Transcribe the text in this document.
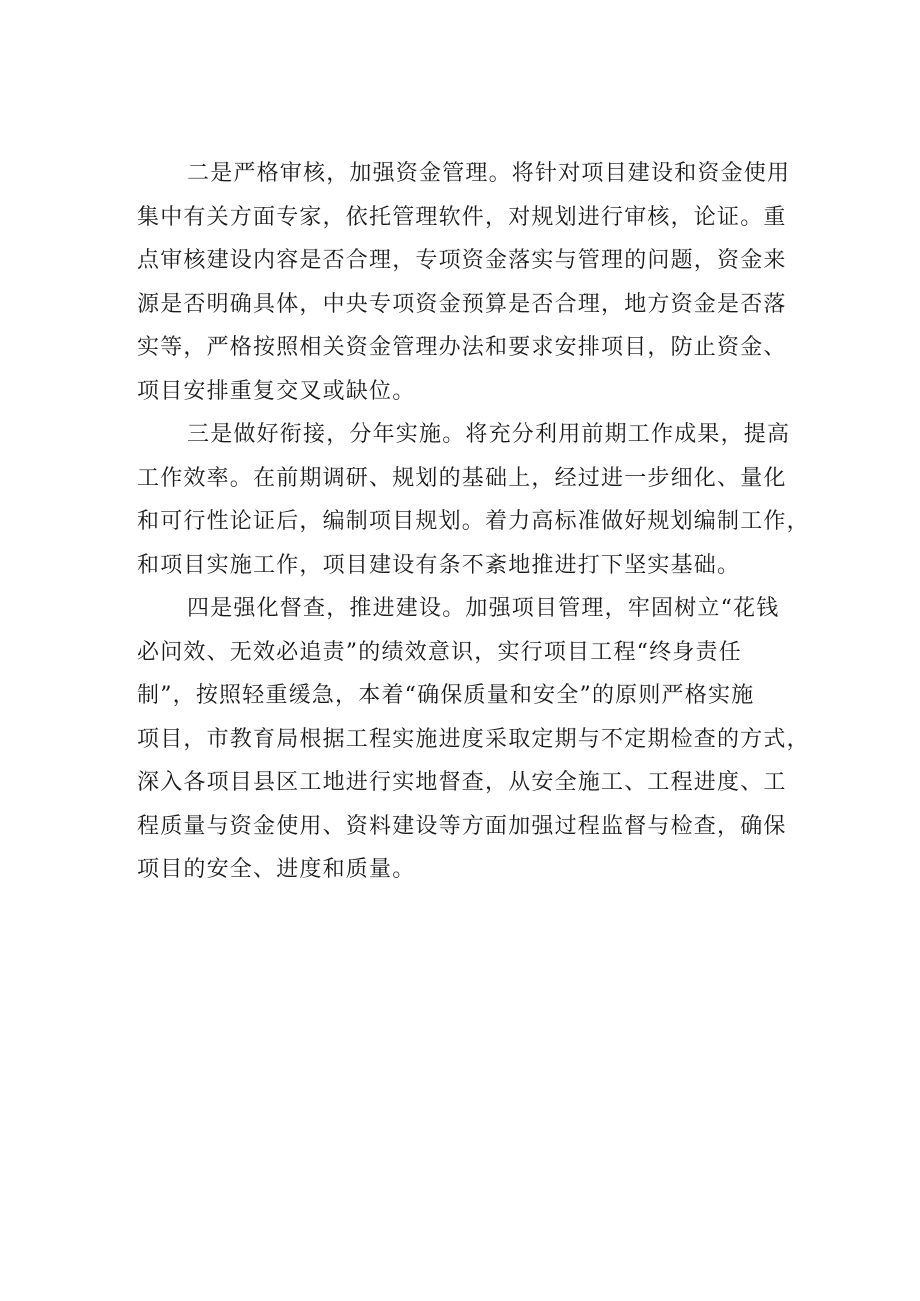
二是严格审核，加强资金管理。将针对项目建设和资金使用
集中有关方面专家，依托管理软件，对规划进行审核，论证。重
点审核建设内容是否合理，专项资金落实与管理的问题，资金来
源是否明确具体，中央专项资金预算是否合理，地方资金是否落
实等，严格按照相关资金管理办法和要求安排项目，防止资金、
项目安排重复交叉或缺位。
三是做好衔接，分年实施。将充分利用前期工作成果，提高
工作效率。在前期调研、规划的基础上，经过进一步细化、量化
和可行性论证后，编制项目规划。着力高标准做好规划编制工作，
和项目实施工作，项目建设有条不紊地推进打下坚实基础。
四是强化督查，推进建设。加强项目管理，牢固树立“花钱
必问效、无效必追责”的绩效意识，实行项目工程“终身责任
制”，按照轻重缓急，本着“确保质量和安全”的原则严格实施
项目，市教育局根据工程实施进度采取定期与不定期检查的方式，
深入各项目县区工地进行实地督查，从安全施工、工程进度、工
程质量与资金使用、资料建设等方面加强过程监督与检查，确保
项目的安全、进度和质量。
